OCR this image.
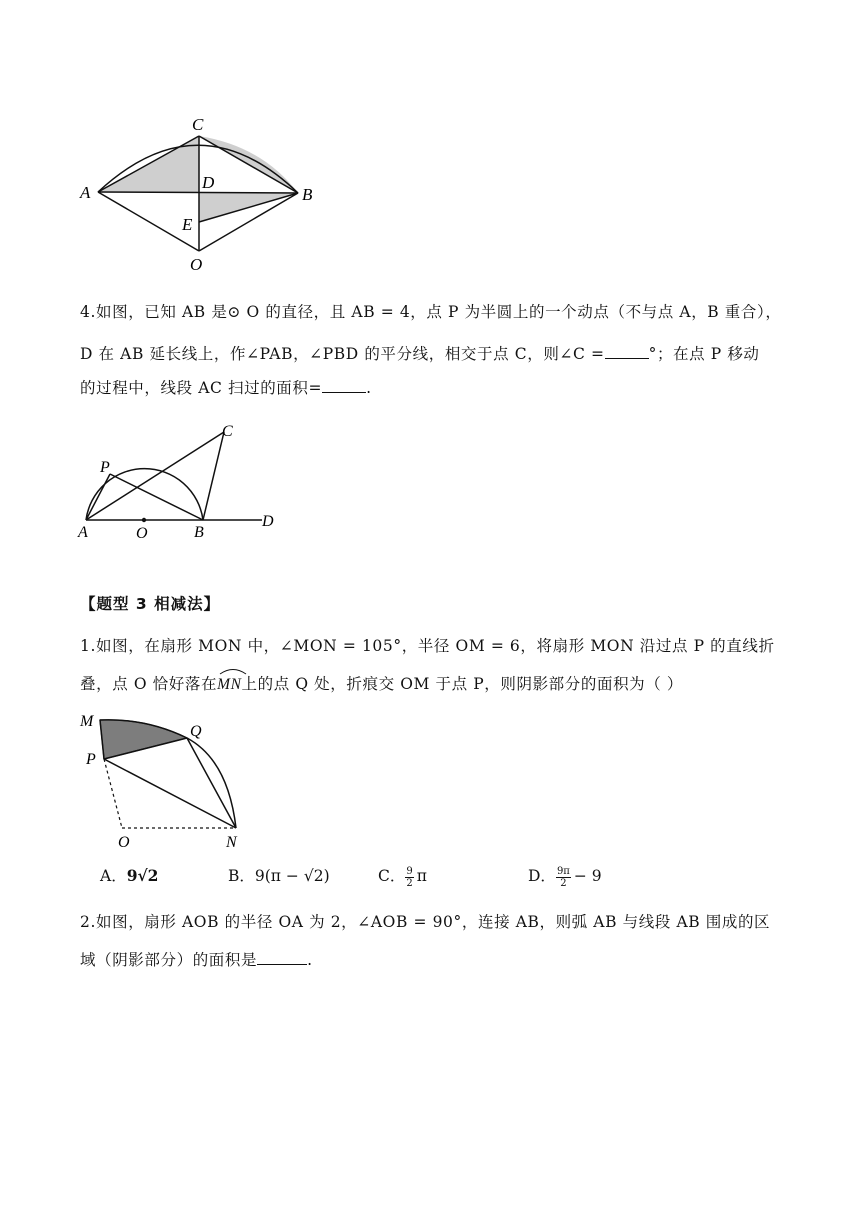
C
A
D
B
E
O
4.如图，已知 AB 是⊙ O 的直径，且 AB = 4，点 P 为半圆上的一个动点（不与点 A，B 重合），
D 在 AB 延长线上，作∠PAB，∠PBD 的平分线，相交于点 C，则∠C =	°；在点 P 移动
的过程中，线段 AC 扫过的面积=	.
C
P
A	O	B
D
【题型 3 相减法】
1.如图，在扇形 MON 中，∠MON = 105°，半径 OM = 6，将扇形 MON 沿过点 P 的直线折
叠，点 O 恰好落在
MN上的点 Q 处，折痕交 OM 于点 P，则阴影部分的面积为（ ）
M
Q
P
O	N
A．9√2	B．9(π − √2)	C． $\frac{9}{2}$ π	D． $\frac{9\pi}{2} - 9$
2.如图，扇形 AOB 的半径 OA 为 2，∠AOB = 90°，连接 AB，则弧 AB 与线段 AB 围成的区
域（阴影部分）的面积是	.
